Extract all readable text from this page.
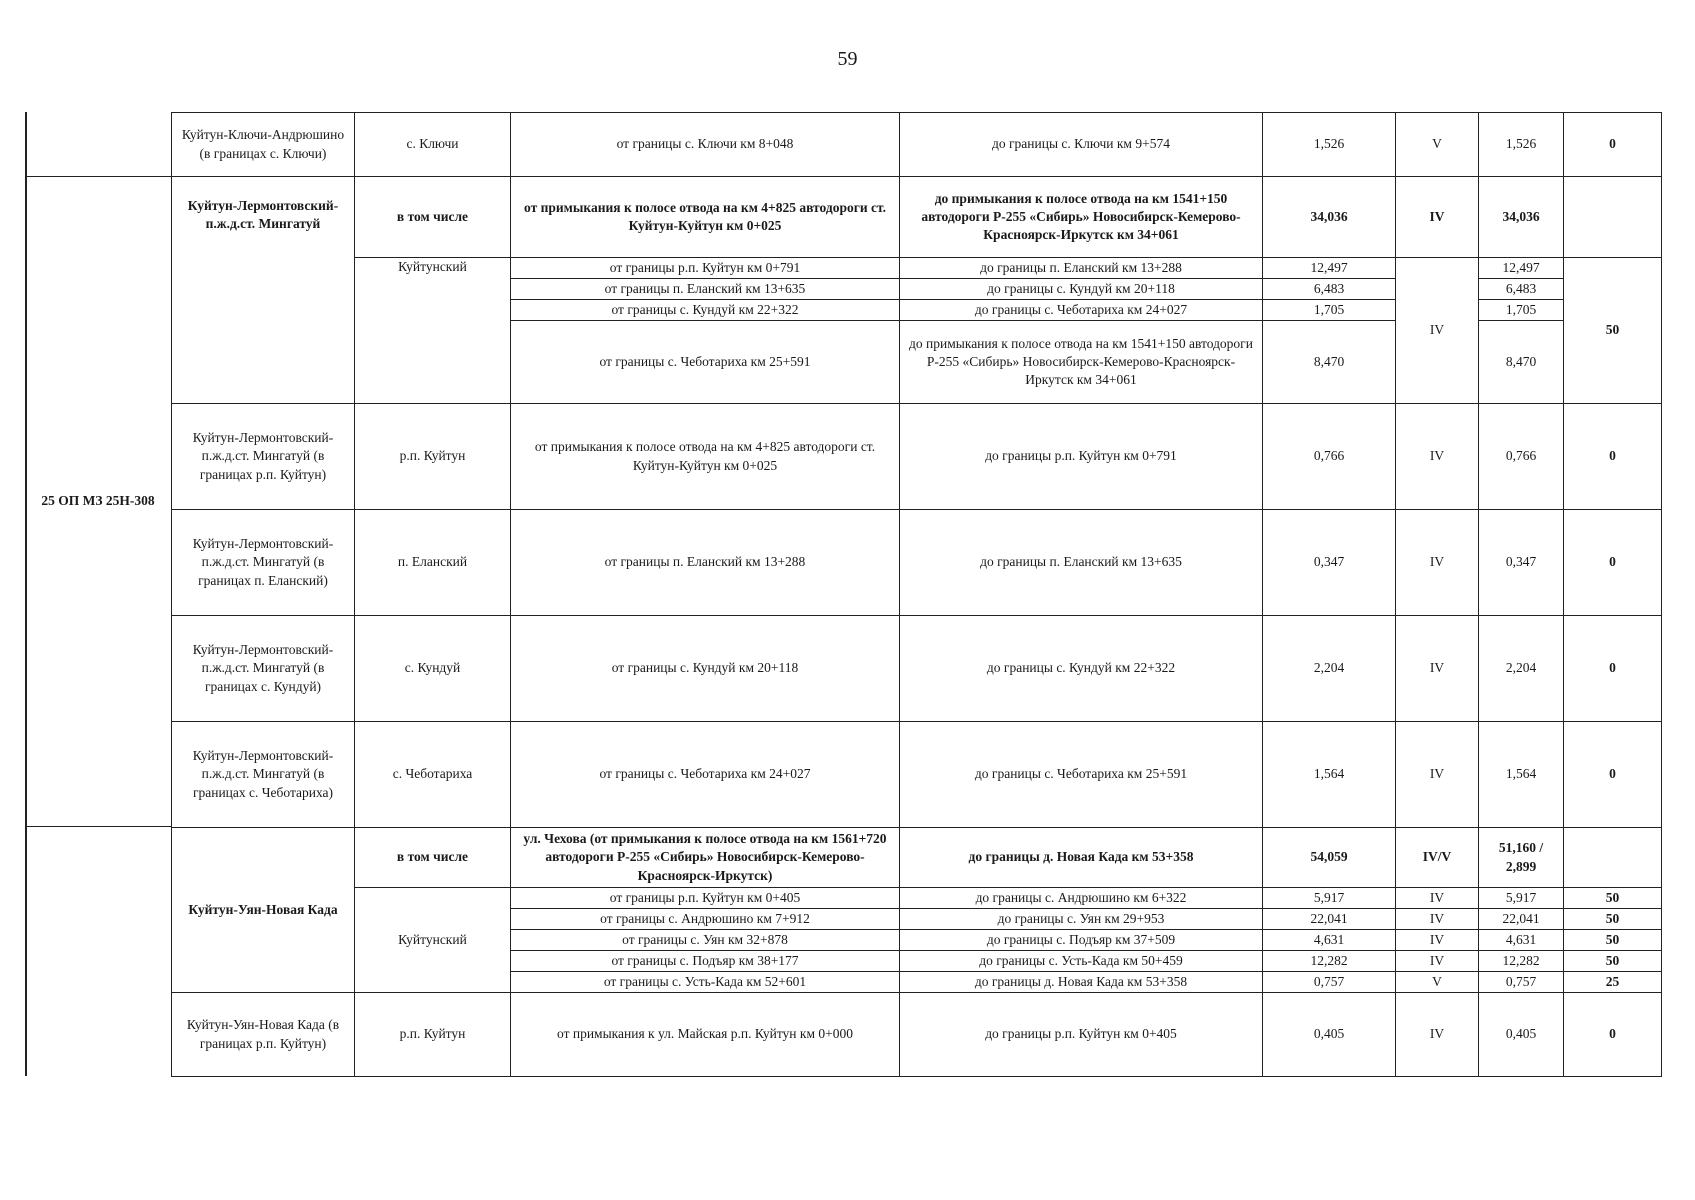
59
25 ОП МЗ 25Н-308
Куйтун-Ключи-Андрюшино (в границах с. Ключи)	с. Ключи	от границы с. Ключи км 8+048	до границы с. Ключи км 9+574	1,526	V	1,526	0
Куйтун-Лермонтовский-п.ж.д.ст. Мингатуй	в том числе	от примыкания к полосе отвода на км 4+825 автодороги ст. Куйтун-Куйтун км 0+025	до примыкания к полосе отвода на км 1541+150 автодороги Р-255 «Сибирь» Новосибирск-Кемерово-Красноярск-Иркутск км 34+061	34,036	IV	34,036	
	Куйтунский	от границы р.п. Куйтун км 0+791	до границы п. Еланский км 13+288	12,497	IV	12,497	50
		от границы п. Еланский км 13+635	до границы с. Кундуй км 20+118	6,483		6,483	
		от границы с. Кундуй км 22+322	до границы с. Чеботариха км 24+027	1,705		1,705	
		от границы с. Чеботариха км 25+591	до примыкания к полосе отвода на км 1541+150 автодороги Р-255 «Сибирь» Новосибирск-Кемерово-Красноярск-Иркутск км 34+061	8,470		8,470	
Куйтун-Лермонтовский-п.ж.д.ст. Мингатуй (в границах р.п. Куйтун)	р.п. Куйтун	от примыкания к полосе отвода на км 4+825 автодороги ст. Куйтун-Куйтун км 0+025	до границы р.п. Куйтун км 0+791	0,766	IV	0,766	0
Куйтун-Лермонтовский-п.ж.д.ст. Мингатуй (в границах п. Еланский)	п. Еланский	от границы п. Еланский км 13+288	до границы п. Еланский км 13+635	0,347	IV	0,347	0
Куйтун-Лермонтовский-п.ж.д.ст. Мингатуй (в границах с. Кундуй)	с. Кундуй	от границы с. Кундуй км 20+118	до границы с. Кундуй км 22+322	2,204	IV	2,204	0
Куйтун-Лермонтовский-п.ж.д.ст. Мингатуй (в границах с. Чеботариха)	с. Чеботариха	от границы с. Чеботариха км 24+027	до границы с. Чеботариха км 25+591	1,564	IV	1,564	0
Куйтун-Уян-Новая Када	в том числе	ул. Чехова (от примыкания к полосе отвода на км 1561+720 автодороги Р-255 «Сибирь» Новосибирск-Кемерово-Красноярск-Иркутск)	до границы д. Новая Када км 53+358	54,059	IV/V	51,160 / 2,899	
	Куйтунский	от границы р.п. Куйтун км 0+405	до границы с. Андрюшино км 6+322	5,917	IV	5,917	50
		от границы с. Андрюшино км 7+912	до границы с. Уян км 29+953	22,041	IV	22,041	50
		от границы с. Уян км 32+878	до границы с. Подъяр км 37+509	4,631	IV	4,631	50
		от границы с. Подъяр км 38+177	до границы с. Усть-Када км 50+459	12,282	IV	12,282	50
		от границы с. Усть-Када км 52+601	до границы д. Новая Када км 53+358	0,757	V	0,757	25
Куйтун-Уян-Новая Када (в границах р.п. Куйтун)	р.п. Куйтун	от примыкания к ул. Майская р.п. Куйтун км 0+000	до границы р.п. Куйтун км 0+405	0,405	IV	0,405	0
